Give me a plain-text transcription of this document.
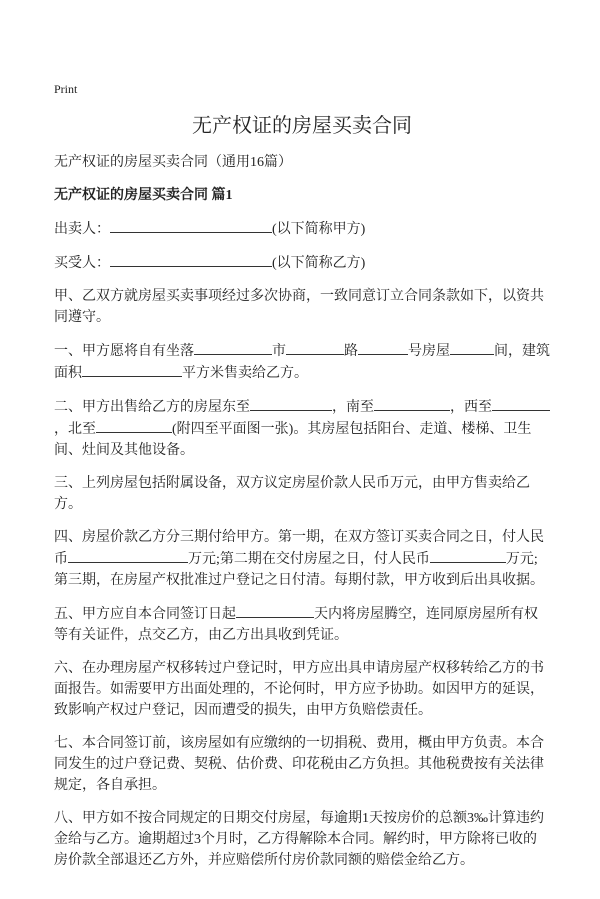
Print
无产权证的房屋买卖合同

无产权证的房屋买卖合同（通用16篇）

无产权证的房屋买卖合同 篇1

出卖人：	(以下简称甲方)

买受人：	(以下简称乙方)

甲、乙双方就房屋买卖事项经过多次协商，一致同意订立合同条款如下，以资共同遵守。

一、甲方愿将自有坐落	市	路	号房屋	间，建筑面积	平方米售卖给乙方。

二、甲方出售给乙方的房屋东至	，南至	，西至，北至	(附四至平面图一张)。其房屋包括阳台、走道、楼梯、卫生间、灶间及其他设备。

三、上列房屋包括附属设备，双方议定房屋价款人民币万元，由甲方售卖给乙方。

四、房屋价款乙方分三期付给甲方。第一期，在双方签订买卖合同之日，付人民币	万元;第二期在交付房屋之日，付人民币	万元;第三期，在房屋产权批准过户登记之日付清。每期付款，甲方收到后出具收据。

五、甲方应自本合同签订日起	天内将房屋腾空，连同原房屋所有权等有关证件，点交乙方，由乙方出具收到凭证。

六、在办理房屋产权移转过户登记时，甲方应出具申请房屋产权移转给乙方的书面报告。如需要甲方出面处理的，不论何时，甲方应予协助。如因甲方的延误，致影响产权过户登记，因而遭受的损失，由甲方负赔偿责任。

七、本合同签订前，该房屋如有应缴纳的一切捐税、费用，概由甲方负责。本合同发生的过户登记费、契税、估价费、印花税由乙方负担。其他税费按有关法律规定，各自承担。

八、甲方如不按合同规定的日期交付房屋，每逾期1天按房价的总额3‰计算违约金给与乙方。逾期超过3个月时，乙方得解除本合同。解约时，甲方除将已收的房价款全部退还乙方外，并应赔偿所付房价款同额的赔偿金给乙方。
